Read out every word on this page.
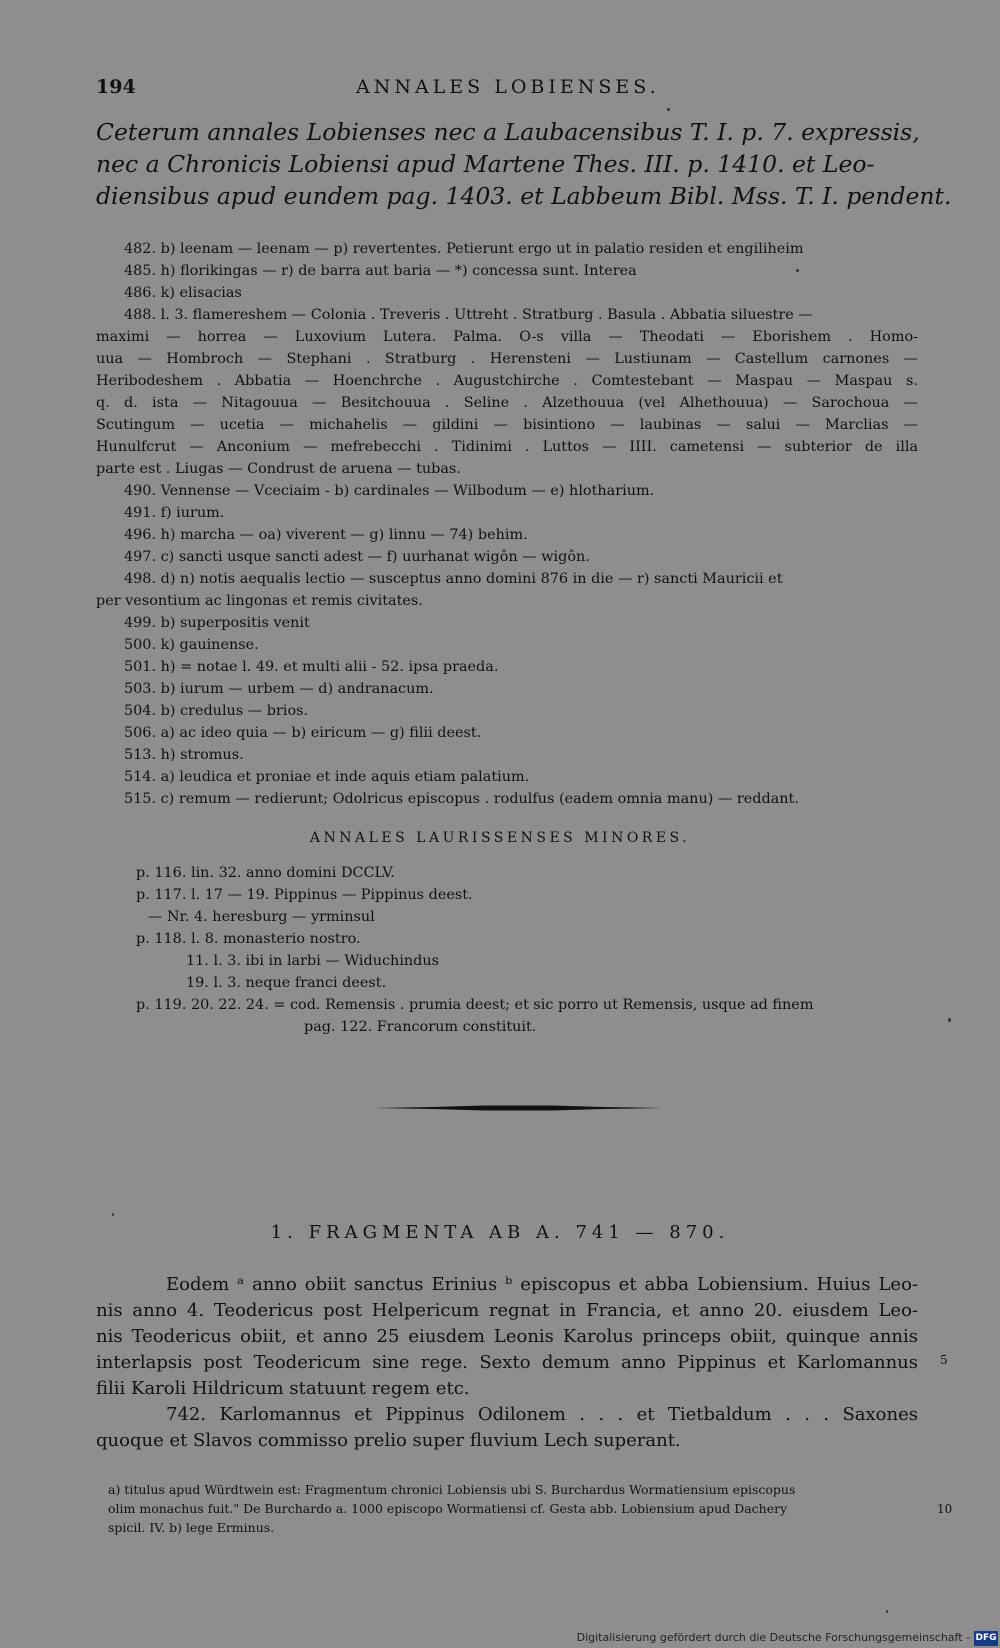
194	ANNALES LOBIENSES.
Ceterum annales Lobienses nec a Laubacensibus T. I. p. 7. expressis,
nec a Chronicis Lobiensi apud Martene Thes. III. p. 1410. et Leo-
diensibus apud eundem pag. 1403. et Labbeum Bibl. Mss. T. I. pendent.
482. b) leenam — leenam — p) revertentes. Petierunt ergo ut in palatio residen et engiliheim
485. h) florikingas — r) de barra aut baria — *) concessa sunt. Interea
486. k) elisacias
488. l. 3. flamereshem — Colonia . Treveris . Uttreht . Stratburg . Basula . Abbatia siluestre —
maximi — horrea — Luxovium Lutera. Palma. O-s villa — Theodati — Eborishem . Homo-
uua — Hombroch — Stephani . Stratburg . Herensteni — Lustiunam — Castellum carnones —
Heribodeshem . Abbatia — Hoenchrche . Augustchirche . Comtestebant — Maspau — Maspau s.
q. d. ista — Nitagouua — Besitchouua . Seline . Alzethouua (vel Alhethouua) — Sarochoua —
Scutingum — ucetia — michahelis — gildini — bisintiono — laubinas — salui — Marclias —
Hunulfcrut — Anconium — mefrebecchi . Tidinimi . Luttos — IIII. cametensi — subterior de illa
parte est . Liugas — Condrust de aruena — tubas.
490. Vennense — Vceciaim - b) cardinales — Wilbodum — e) hlotharium.
491. f) iurum.
496. h) marcha — oa) viverent — g) linnu — 74) behim.
497. c) sancti usque sancti adest — f) uurhanat wigôn — wigôn.
498. d) n) notis aequalis lectio — susceptus anno domini 876 in die — r) sancti Mauricii et
per vesontium ac lingonas et remis civitates.
499. b) superpositis venit
500. k) gauinense.
501. h) = notae l. 49. et multi alii - 52. ipsa praeda.
503. b) iurum — urbem — d) andranacum.
504. b) credulus — brios.
506. a) ac ideo quia — b) eiricum — g) filii deest.
513. h) stromus.
514. a) leudica et proniae et inde aquis etiam palatium.
515. c) remum — redierunt; Odolricus episcopus . rodulfus (eadem omnia manu) — reddant.
ANNALES LAURISSENSES MINORES.
p. 116. lin. 32. anno domini DCCLV.
p. 117. l. 17 — 19. Pippinus — Pippinus deest.
— Nr. 4. heresburg — yrminsul
p. 118. l. 8. monasterio nostro.
11. l. 3. ibi in larbi — Widuchindus
19. l. 3. neque franci deest.
p. 119. 20. 22. 24. = cod. Remensis . prumia deest; et sic porro ut Remensis, usque ad finem
pag. 122. Francorum constituit.
1. FRAGMENTA AB A. 741 — 870.
Eodem ᵃ anno obiit sanctus Erinius ᵇ episcopus et abba Lobiensium. Huius Leo-
nis anno 4. Teodericus post Helpericum regnat in Francia, et anno 20. eiusdem Leo-
nis Teodericus obiit, et anno 25 eiusdem Leonis Karolus princeps obiit, quinque annis
interlapsis post Teodericum sine rege. Sexto demum anno Pippinus et Karlomannus
filii Karoli Hildricum statuunt regem etc.
742. Karlomannus et Pippinus Odilonem . . . et Tietbaldum . . . Saxones
quoque et Slavos commisso prelio super fluvium Lech superant.
5
a) titulus apud Würdtwein est: Fragmentum chronici Lobiensis ubi S. Burchardus Wormatiensium episcopus
olim monachus fuit." De Burchardo a. 1000 episcopo Wormatiensi cf. Gesta abb. Lobiensium apud Dachery
spicil. IV. b) lege Erminus.
10
Digitalisierung gefördert durch die Deutsche Forschungsgemeinschaft - DFG
